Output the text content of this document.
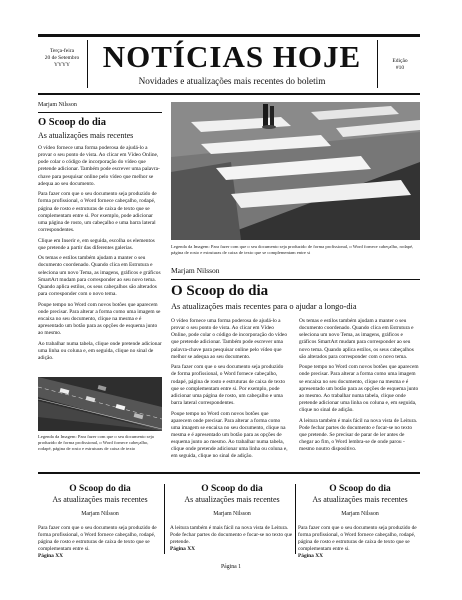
Terça-feira
20 de Setembro
YYYY	NOTÍCIAS HOJE
Novidades e atualizações mais recentes do boletim
Edição
#10
Marjam Nilsson
O Scoop do dia
As atualizações mais recentes

O vídeo fornece uma forma poderosa de ajudá-lo a provar o seu ponto de vista. Ao clicar em Vídeo Online, pode colar o código de incorporação do vídeo que pretende adicionar. Também pode escrever uma palavra-chave para pesquisar online pelo vídeo que melhor se adequa ao seu documento.

Para fazer com que o seu documento seja produzido de forma profissional, o Word fornece cabeçalho, rodapé, página de rosto e estruturas de caixa de texto que se complementam entre si. Por exemplo, pode adicionar uma página de rosto, um cabeçalho e uma barra lateral correspondentes.

Clique em Inserir e, em seguida, escolha os elementos que pretende a partir das diferentes galerias.

Os temas e estilos também ajudam a manter o seu documento coordenado. Quando clica em Estrutura e seleciona um novo Tema, as imagens, gráficos e gráficos SmartArt mudam para corresponder ao seu novo tema. Quando aplica estilos, os seus cabeçalhos são alterados para corresponder com o novo tema.

Poupe tempo no Word com novos botões que aparecem onde precisar. Para alterar a forma como uma imagem se encaixa no seu documento, clique na mesma e é apresentado um botão para as opções de esquema junto ao mesmo.

Ao trabalhar numa tabela, clique onde pretende adicionar uma linha ou coluna e, em seguida, clique no sinal de adição.

Legenda da Imagem: Para fazer com que o seu documento seja produzido de forma profissional, o Word fornece cabeçalho, rodapé, página de rosto e estruturas de caixa de texto
Legenda da Imagem: Para fazer com que o seu documento seja produzido de forma profissional, o Word fornece cabeçalho, rodapé, página de rosto e estruturas de caixa de texto que se complementam entre si
Marjam Nilsson
O Scoop do dia
As atualizações mais recentes para o ajudar a longo-dia

O vídeo fornece uma forma poderosa de ajudá-lo a provar o seu ponto de vista. Ao clicar em Vídeo Online, pode colar o código de incorporação do vídeo que pretende adicionar. Também pode escrever uma palavra-chave para pesquisar online pelo vídeo que melhor se adequa ao seu documento.

Para fazer com que o seu documento seja produzido de forma profissional, o Word fornece cabeçalho, rodapé, página de rosto e estruturas de caixa de texto que se complementam entre si. Por exemplo, pode adicionar uma página de rosto, um cabeçalho e uma barra lateral correspondentes.

Poupe tempo no Word com novos botões que aparecem onde precisar. Para alterar a forma como uma imagem se encaixa no seu documento, clique na mesma e é apresentado um botão para as opções de esquema junto ao mesmo. Ao trabalhar numa tabela, clique onde pretende adicionar uma linha ou coluna e, em seguida, clique no sinal de adição.

Os temas e estilos também ajudam a manter o seu documento coordenado. Quando clica em Estrutura e seleciona um novo Tema, as imagens, gráficos e gráficos SmartArt mudam para corresponder ao seu novo tema. Quando aplica estilos, os seus cabeçalhos são alterados para corresponder com o novo tema.

Poupe tempo no Word com novos botões que aparecem onde precisar. Para alterar a forma como uma imagem se encaixa no seu documento, clique na mesma e é apresentado um botão para as opções de esquema junto ao mesmo. Ao trabalhar numa tabela, clique onde pretende adicionar uma linha ou coluna e, em seguida, clique no sinal de adição.

A leitura também é mais fácil na nova vista de Leitura. Pode fechar partes do documento e focar-se no texto que pretende. Se precisar de parar de ler antes de chegar ao fim, o Word lembra-se de onde parou - mesmo noutro dispositivo.

O Scoop do dia
As atualizações mais recentes
Marjam Nilsson
Para fazer com que o seu documento seja produzido de forma profissional, o Word fornece cabeçalho, rodapé, página de rosto e estruturas de caixa de texto que se complementam entre si.
Página XX
O Scoop do dia
As atualizações mais recentes
Marjam Nilsson
A leitura também é mais fácil na nova vista de Leitura. Pode fechar partes do documento e focar-se no texto que pretende.
Página XX
O Scoop do dia
As atualizações mais recentes
Marjam Nilsson
Para fazer com que o seu documento seja produzido de forma profissional, o Word fornece cabeçalho, rodapé, página de rosto e estruturas de caixa de texto que se complementam entre si.
Página XX
Página 1
